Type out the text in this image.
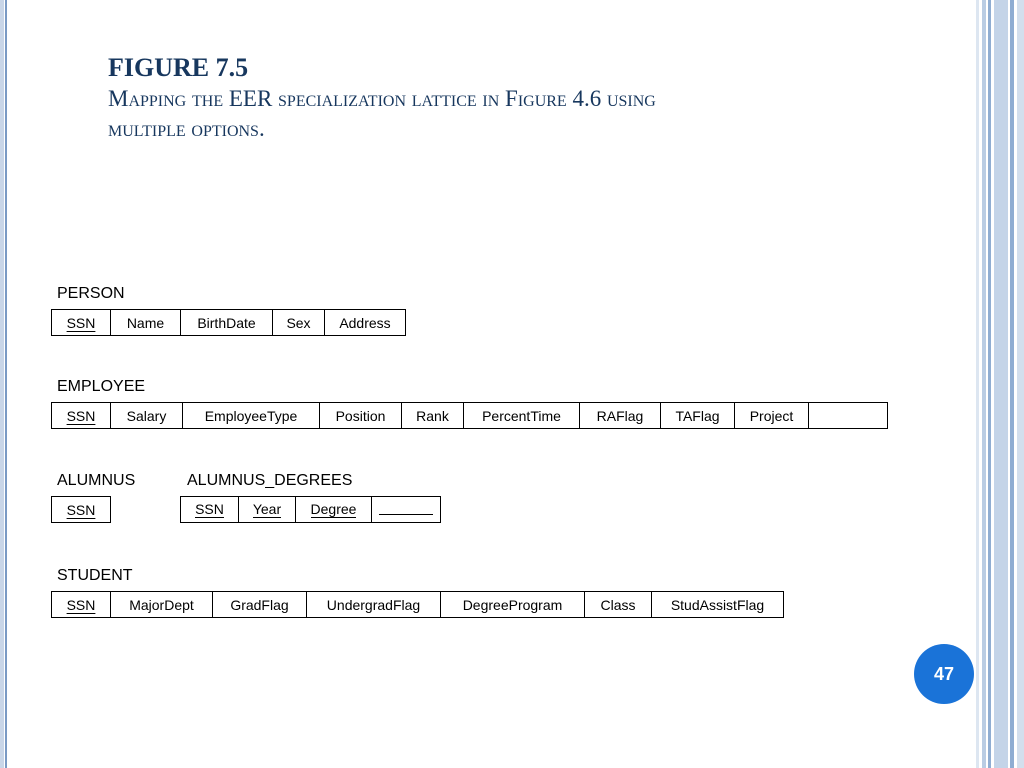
FIGURE 7.5
Mapping the EER specialization lattice in Figure 4.6 using
multiple options.
PERSON
SSN	Name	BirthDate	Sex	Address
EMPLOYEE
SSN	Salary	EmployeeType	Position	Rank	PercentTime	RAFlag	TAFlag	Project	
ALUMNUS
SSN	
ALUMNUS_DEGREES
SSN	Year	Degree	
STUDENT
SSN	MajorDept	GradFlag	UndergradFlag	DegreeProgram	Class	StudAssistFlag
47
